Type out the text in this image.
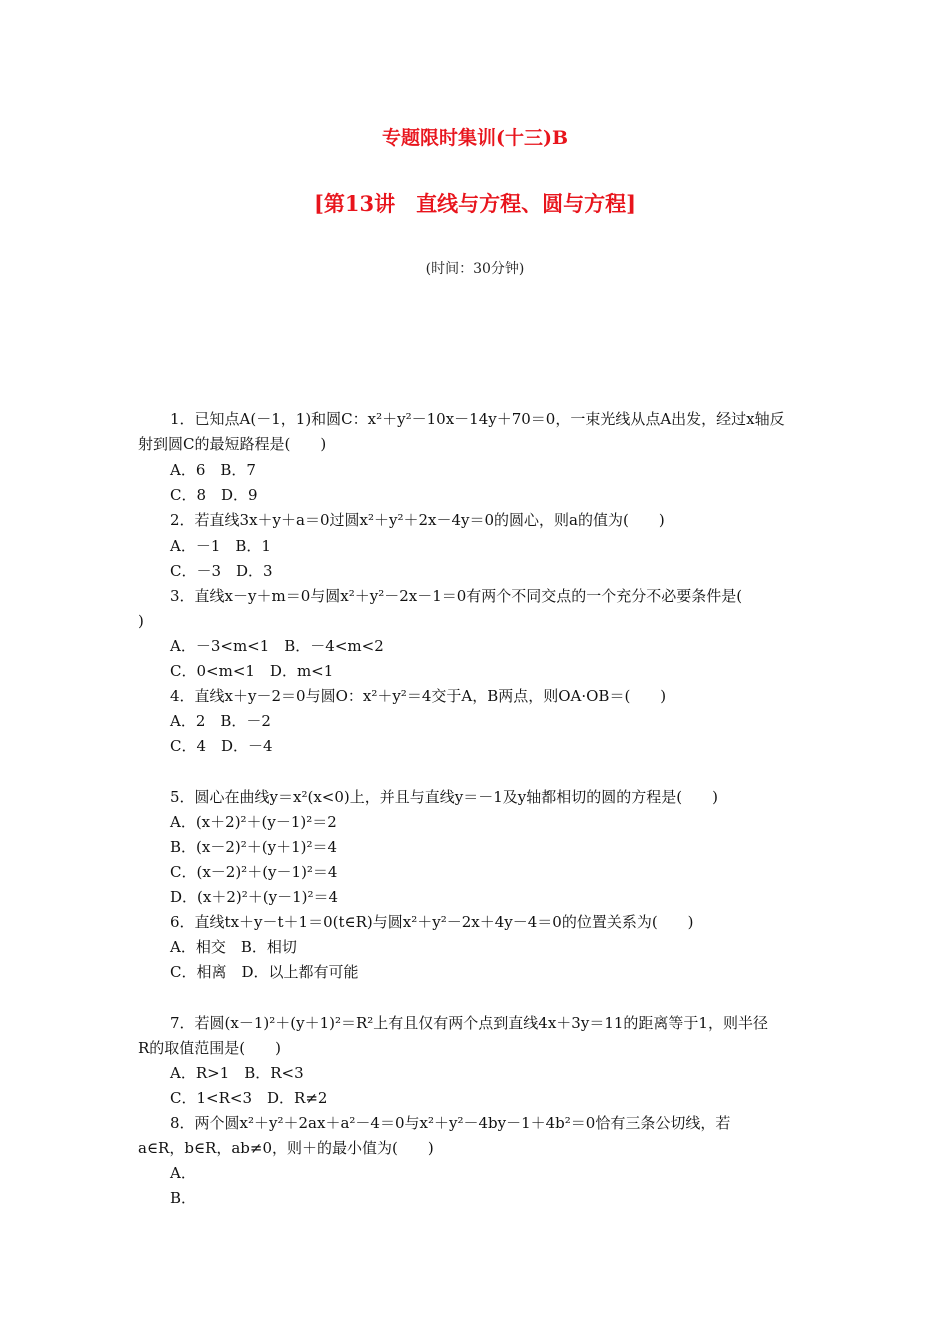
专题限时集训(十三)B
[第13讲　直线与方程、圆与方程]
(时间：30分钟)
1．已知点A(－1，1)和圆C：x²＋y²－10x－14y＋70＝0，一束光线从点A出发，经过x轴反
射到圆C的最短路程是(　　)
A．6　B．7
C．8　D．9
2．若直线3x＋y＋a＝0过圆x²＋y²＋2x－4y＝0的圆心，则a的值为(　　)
A．－1　B．1
C．－3　D．3
3．直线x－y＋m＝0与圆x²＋y²－2x－1＝0有两个不同交点的一个充分不必要条件是(
)
A．－3<m<1　B．－4<m<2
C．0<m<1　D．m<1
4．直线x＋y－2＝0与圆O：x²＋y²＝4交于A，B两点，则OA·OB＝(　　)
A．2　B．－2
C．4　D．－4
5．圆心在曲线y＝x²(x<0)上，并且与直线y＝－1及y轴都相切的圆的方程是(　　)
A．(x＋2)²＋(y－1)²＝2
B．(x－2)²＋(y＋1)²＝4
C．(x－2)²＋(y－1)²＝4
D．(x＋2)²＋(y－1)²＝4
6．直线tx＋y－t＋1＝0(t∈R)与圆x²＋y²－2x＋4y－4＝0的位置关系为(　　)
A．相交　B．相切
C．相离　D．以上都有可能
7．若圆(x－1)²＋(y＋1)²＝R²上有且仅有两个点到直线4x＋3y＝11的距离等于1，则半径
R的取值范围是(　　)
A．R>1　B．R<3
C．1<R<3　D．R≠2
8．两个圆x²＋y²＋2ax＋a²－4＝0与x²＋y²－4by－1＋4b²＝0恰有三条公切线，若
a∈R，b∈R，ab≠0，则＋的最小值为(　　)
A．
B．
